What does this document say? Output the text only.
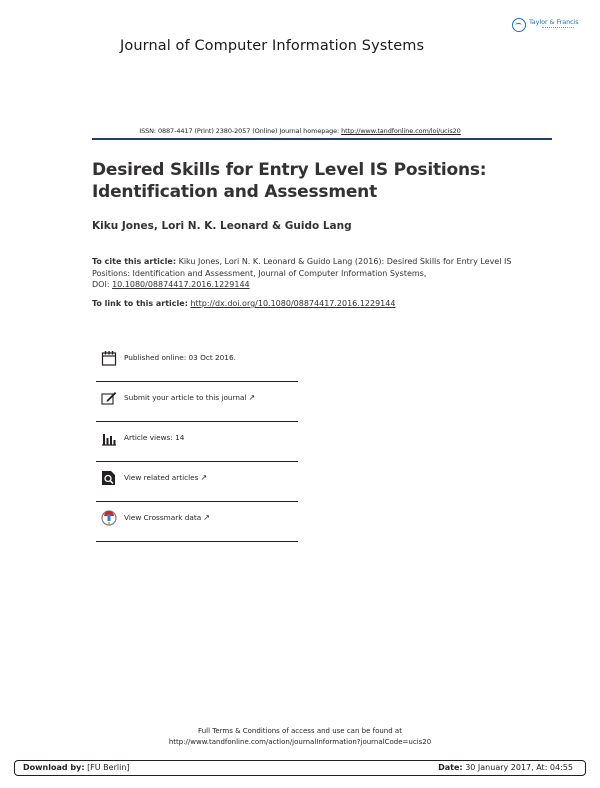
Journal of Computer Information Systems
Taylor & Francis
ISSN: 0887-4417 (Print) 2380-2057 (Online) Journal homepage: http://www.tandfonline.com/loi/ucis20
Desired Skills for Entry Level IS Positions:
Identification and Assessment
Kiku Jones, Lori N. K. Leonard & Guido Lang
To cite this article: Kiku Jones, Lori N. K. Leonard & Guido Lang (2016): Desired Skills for Entry Level IS Positions: Identification and Assessment, Journal of Computer Information Systems,
DOI: 10.1080/08874417.2016.1229144
To link to this article: http://dx.doi.org/10.1080/08874417.2016.1229144
Published online: 03 Oct 2016.
Submit your article to this journal ↗
Article views: 14
View related articles ↗
View Crossmark data ↗
Full Terms & Conditions of access and use can be found at
http://www.tandfonline.com/action/journalInformation?journalCode=ucis20
Download by: [FU Berlin]	Date: 30 January 2017, At: 04:55
